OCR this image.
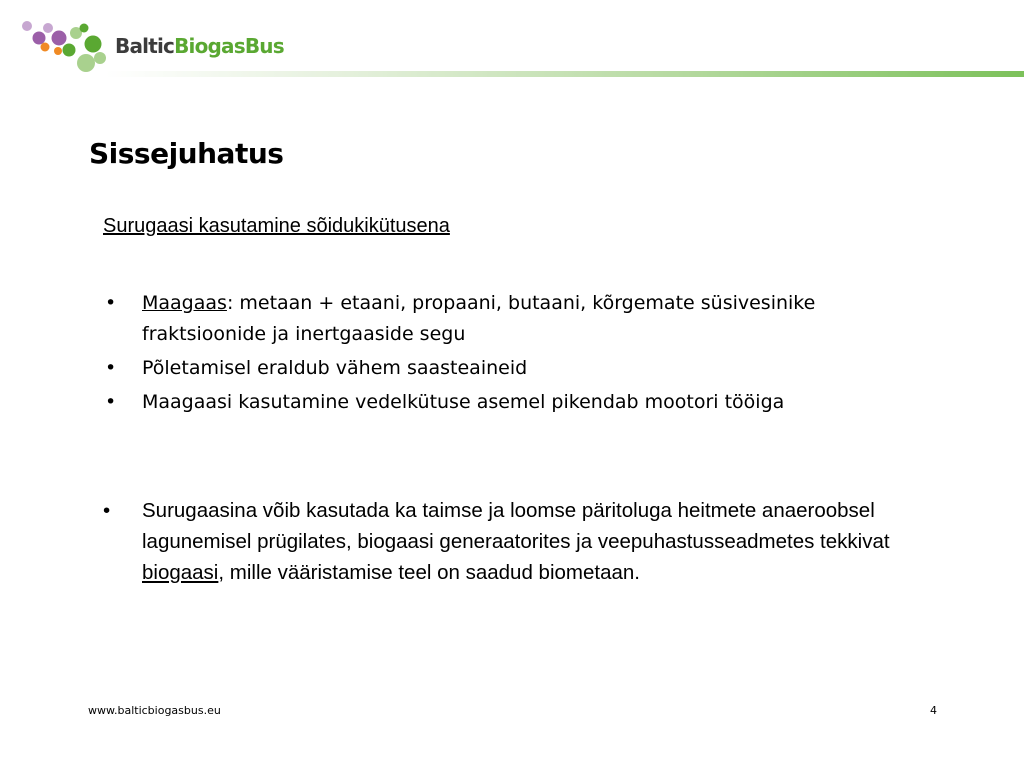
BalticBiogasBus
Sissejuhatus
Surugaasi kasutamine sõidukikütusena
• Maagaas: metaan + etaani, propaani, butaani, kõrgemate süsivesinike fraktsioonide ja inertgaaside segu
• Põletamisel eraldub vähem saasteaineid
• Maagaasi kasutamine vedelkütuse asemel pikendab mootori tööiga
• Surugaasina võib kasutada ka taimse ja loomse päritoluga heitmete anaeroobsel lagunemisel prügilates, biogaasi generaatorites ja veepuhastusseadmetes tekkivat biogaasi, mille vääristamise teel on saadud biometaan.
www.balticbiogasbus.eu	4
